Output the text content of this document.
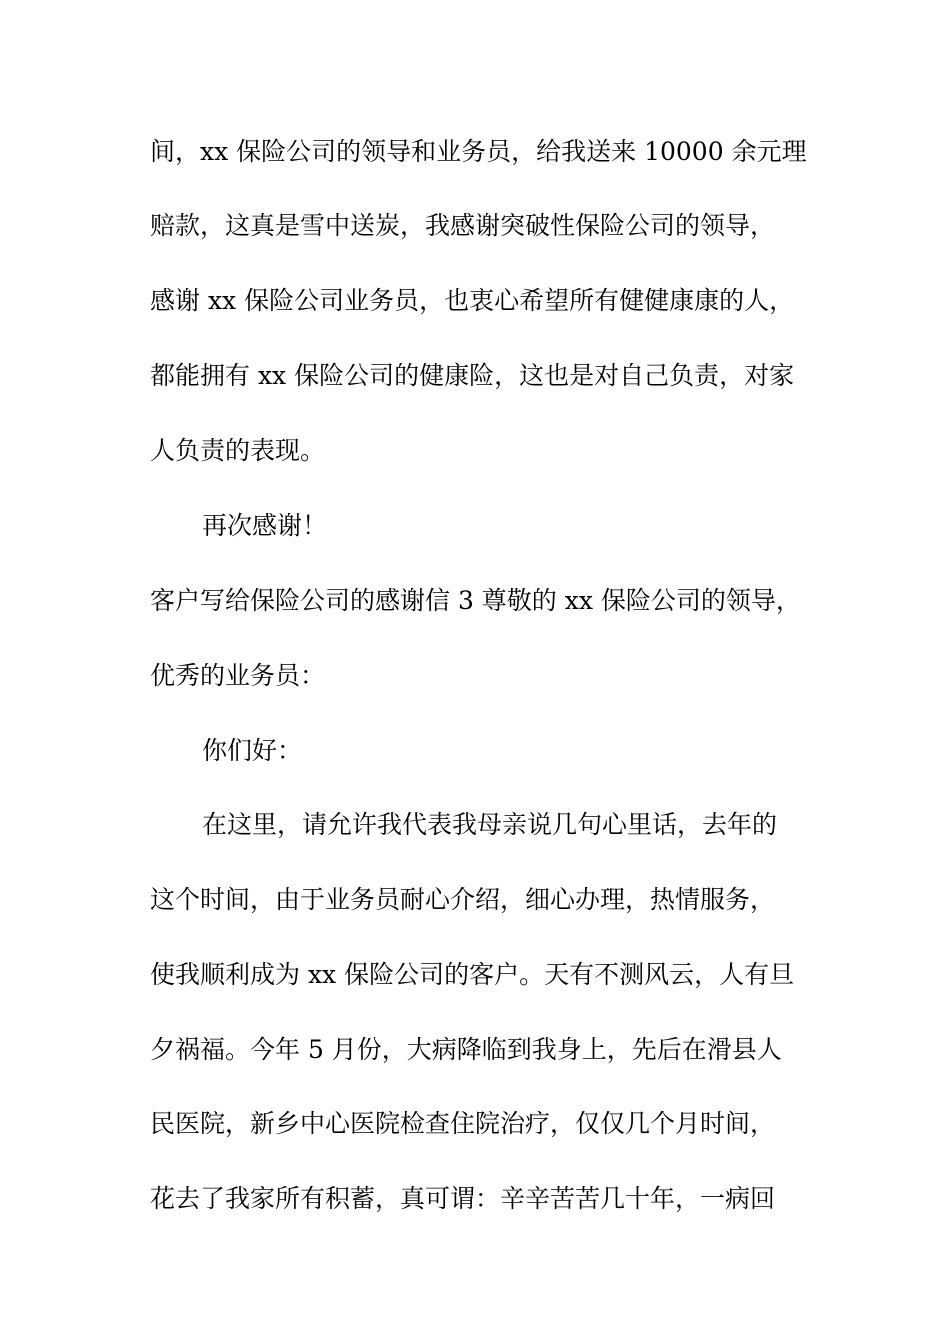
间，xx 保险公司的领导和业务员，给我送来 10000 余元理
赔款，这真是雪中送炭，我感谢突破性保险公司的领导，
感谢 xx 保险公司业务员，也衷心希望所有健健康康的人，
都能拥有 xx 保险公司的健康险，这也是对自己负责，对家
人负责的表现。
再次感谢！
客户写给保险公司的感谢信 3 尊敬的 xx 保险公司的领导，
优秀的业务员：
你们好：
在这里，请允许我代表我母亲说几句心里话，去年的
这个时间，由于业务员耐心介绍，细心办理，热情服务，
使我顺利成为 xx 保险公司的客户。天有不测风云，人有旦
夕祸福。今年 5 月份，大病降临到我身上，先后在滑县人
民医院，新乡中心医院检查住院治疗，仅仅几个月时间，
花去了我家所有积蓄，真可谓：辛辛苦苦几十年，一病回
